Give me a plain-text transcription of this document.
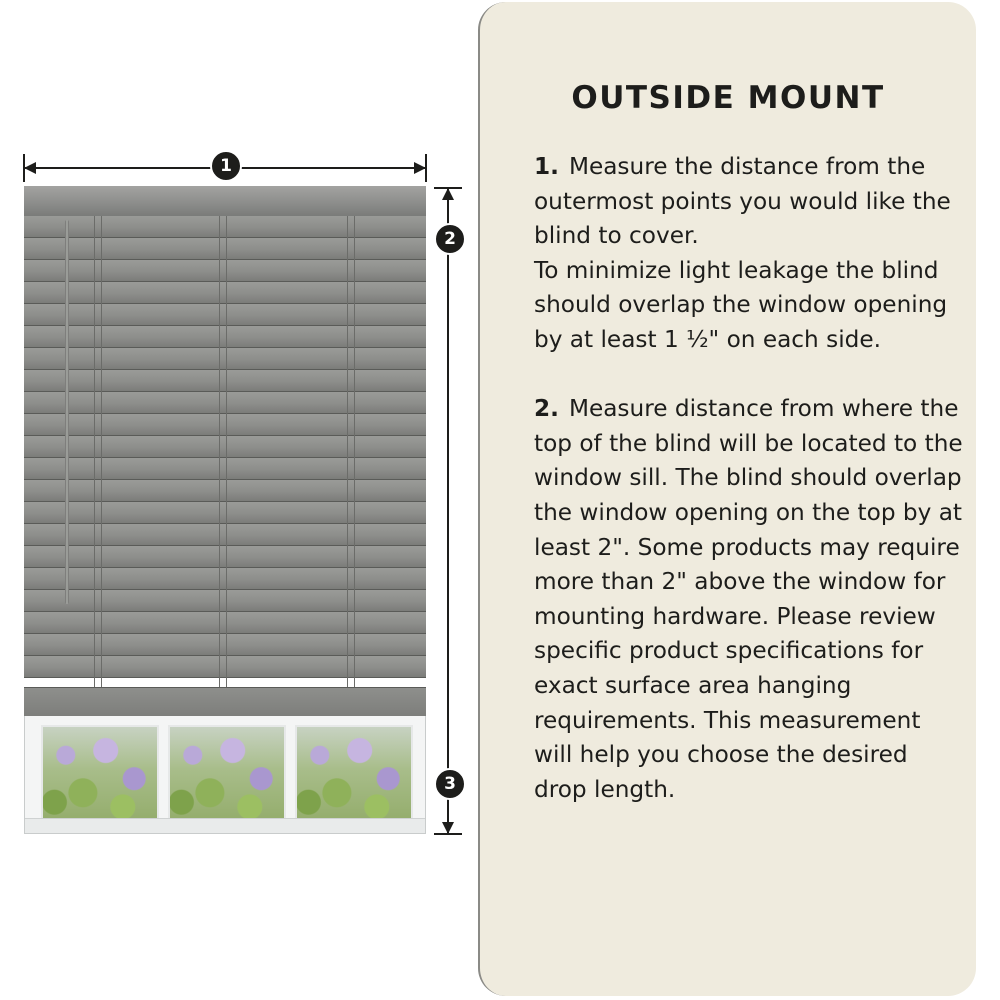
1
2
3
OUTSIDE MOUNT

1. Measure the distance from the outermost points you would like the blind to cover.
To minimize light leakage the blind should overlap the window opening by at least 1 ½" on each side.

2. Measure distance from where the top of the blind will be located to the window sill. The blind should overlap the window opening on the top by at least 2". Some products may require more than 2" above the window for mounting hardware. Please review specific product specifications for exact surface area hanging requirements. This measurement will help you choose the desired drop length.
